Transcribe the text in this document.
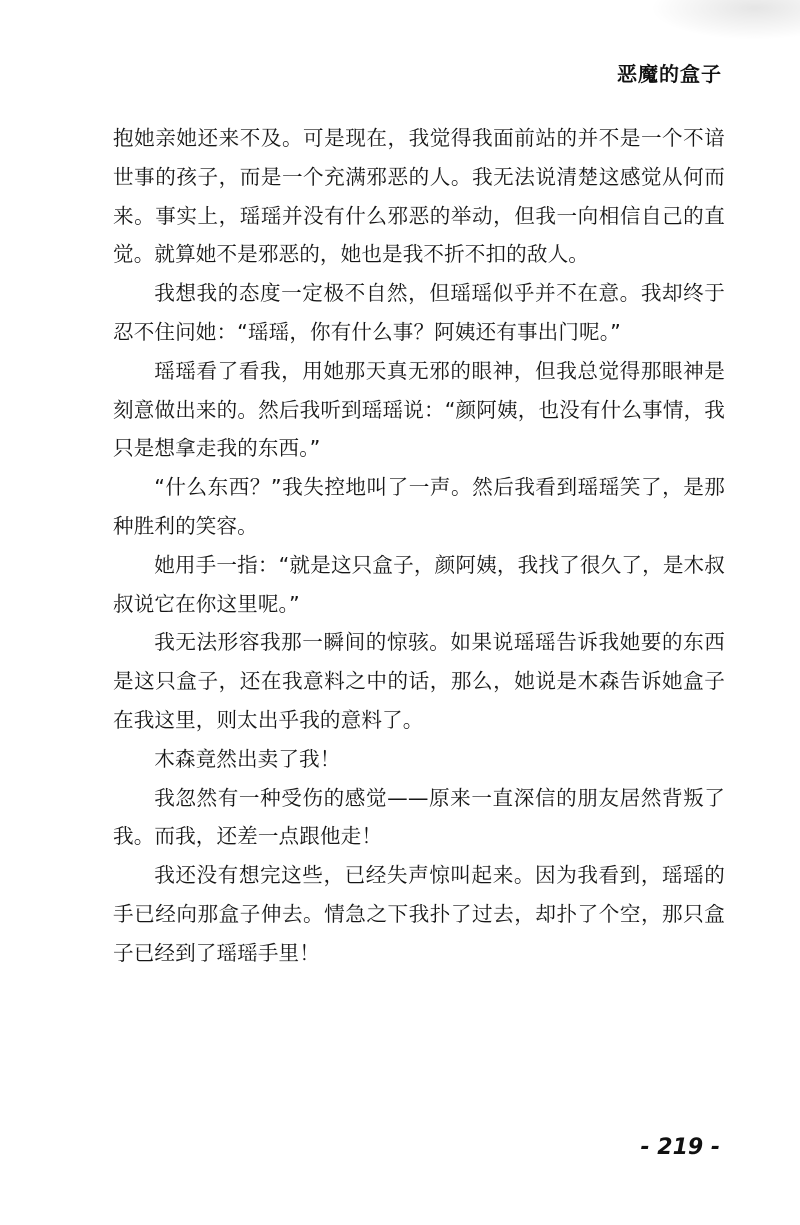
恶魔的盒子

抱她亲她还来不及。可是现在，我觉得我面前站的并不是一个不谙世事的孩子，而是一个充满邪恶的人。我无法说清楚这感觉从何而来。事实上，瑶瑶并没有什么邪恶的举动，但我一向相信自己的直觉。就算她不是邪恶的，她也是我不折不扣的敌人。

我想我的态度一定极不自然，但瑶瑶似乎并不在意。我却终于忍不住问她：“瑶瑶，你有什么事？阿姨还有事出门呢。”

瑶瑶看了看我，用她那天真无邪的眼神，但我总觉得那眼神是刻意做出来的。然后我听到瑶瑶说：“颜阿姨，也没有什么事情，我只是想拿走我的东西。”

“什么东西？”我失控地叫了一声。然后我看到瑶瑶笑了，是那种胜利的笑容。

她用手一指：“就是这只盒子，颜阿姨，我找了很久了，是木叔叔说它在你这里呢。”

我无法形容我那一瞬间的惊骇。如果说瑶瑶告诉我她要的东西是这只盒子，还在我意料之中的话，那么，她说是木森告诉她盒子在我这里，则太出乎我的意料了。

木森竟然出卖了我！

我忽然有一种受伤的感觉——原来一直深信的朋友居然背叛了我。而我，还差一点跟他走！

我还没有想完这些，已经失声惊叫起来。因为我看到，瑶瑶的手已经向那盒子伸去。情急之下我扑了过去，却扑了个空，那只盒子已经到了瑶瑶手里！

- 219 -
